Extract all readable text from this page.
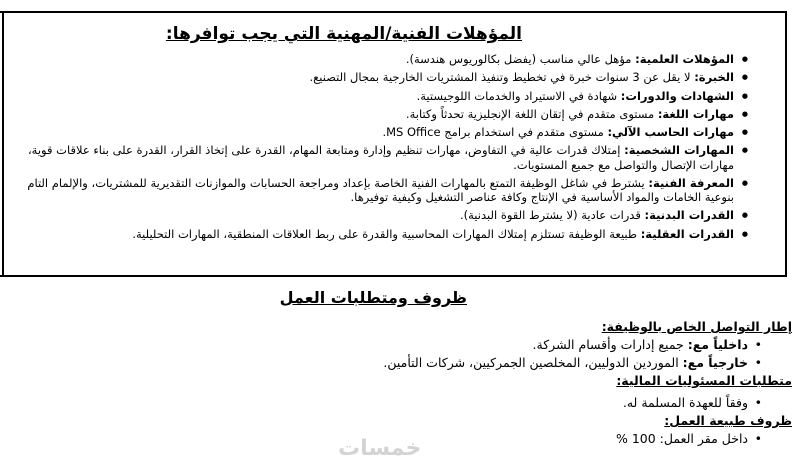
المؤهلات الفنية/المهنية التي يجب توافرها:
● المؤهلات العلمية: مؤهل عالي مناسب (يفضل بكالوريوس هندسة).
● الخبرة: لا يقل عن 3 سنوات خبرة في تخطيط وتنفيذ المشتريات الخارجية بمجال التصنيع.
● الشهادات والدورات: شهادة في الاستيراد والخدمات اللوجيستية.
● مهارات اللغة: مستوى متقدم في إتقان اللغة الإنجليزية تحدثاً وكتابة.
● مهارات الحاسب الآلي: مستوى متقدم في استخدام برامج MS Office.
● المهارات الشخصية: إمتلاك قدرات عالية في التفاوض، مهارات تنظيم وإدارة ومتابعة المهام، القدرة على إتخاذ القرار، القدرة على بناء علاقات قوية، مهارات الإتصال والتواصل مع جميع المستويات.
● المعرفة الفنية: يشترط في شاغل الوظيفة التمتع بالمهارات الفنية الخاصة بإعداد ومراجعة الحسابات والموازنات التقديرية للمشتريات، والإلمام التام بنوعية الخامات والمواد الأساسية في الإنتاج وكافة عناصر التشغيل وكيفية توفيرها.
● القدرات البدنية: قدرات عادية (لا يشترط القوة البدنية).
● القدرات العقلية: طبيعة الوظيفة تستلزم إمتلاك المهارات المحاسبية والقدرة على ربط العلاقات المنطقية، المهارات التحليلية.
ظروف ومتطلبات العمل
إطار التواصل الخاص بالوظيفة:
• داخلياً مع: جميع إدارات وأقسام الشركة.
• خارجياً مع: الموردين الدوليين، المخلصين الجمركيين، شركات التأمين.
متطلبات المسئوليات المالية:
• وفقاً للعهدة المسلمة له.
ظروف طبيعة العمل:
• داخل مقر العمل: 100 %
خمسات
